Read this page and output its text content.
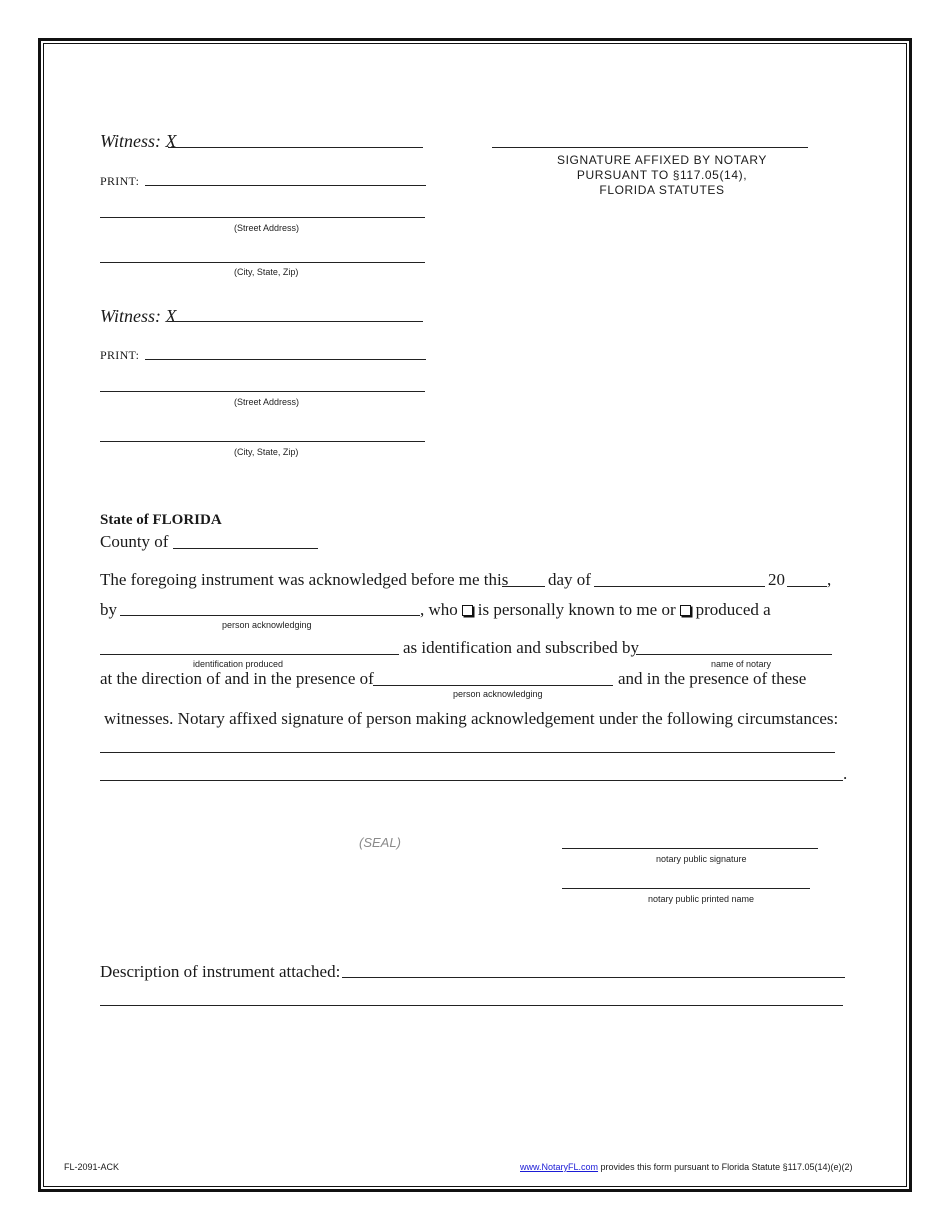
Witness: X
PRINT:
(Street Address)
(City, State, Zip)
Witness: X
PRINT:
(Street Address)
(City, State, Zip)
SIGNATURE AFFIXED BY NOTARY
PURSUANT TO §117.05(14),
FLORIDA STATUTES
State of FLORIDA
County of
The foregoing instrument was acknowledged before me this day of	20 ,
by
person acknowledging
, who is personally known to me or produced a
identification produced
as identification and subscribed by
name of notary
at the direction of and in the presence of
person acknowledging
and in the presence of these
witnesses. Notary affixed signature of person making acknowledgement under the following circumstances:
.
(SEAL)
notary public signature
notary public printed name
Description of instrument attached:
FL-2091-ACK	www.NotaryFL.com provides this form pursuant to Florida Statute §117.05(14)(e)(2)
